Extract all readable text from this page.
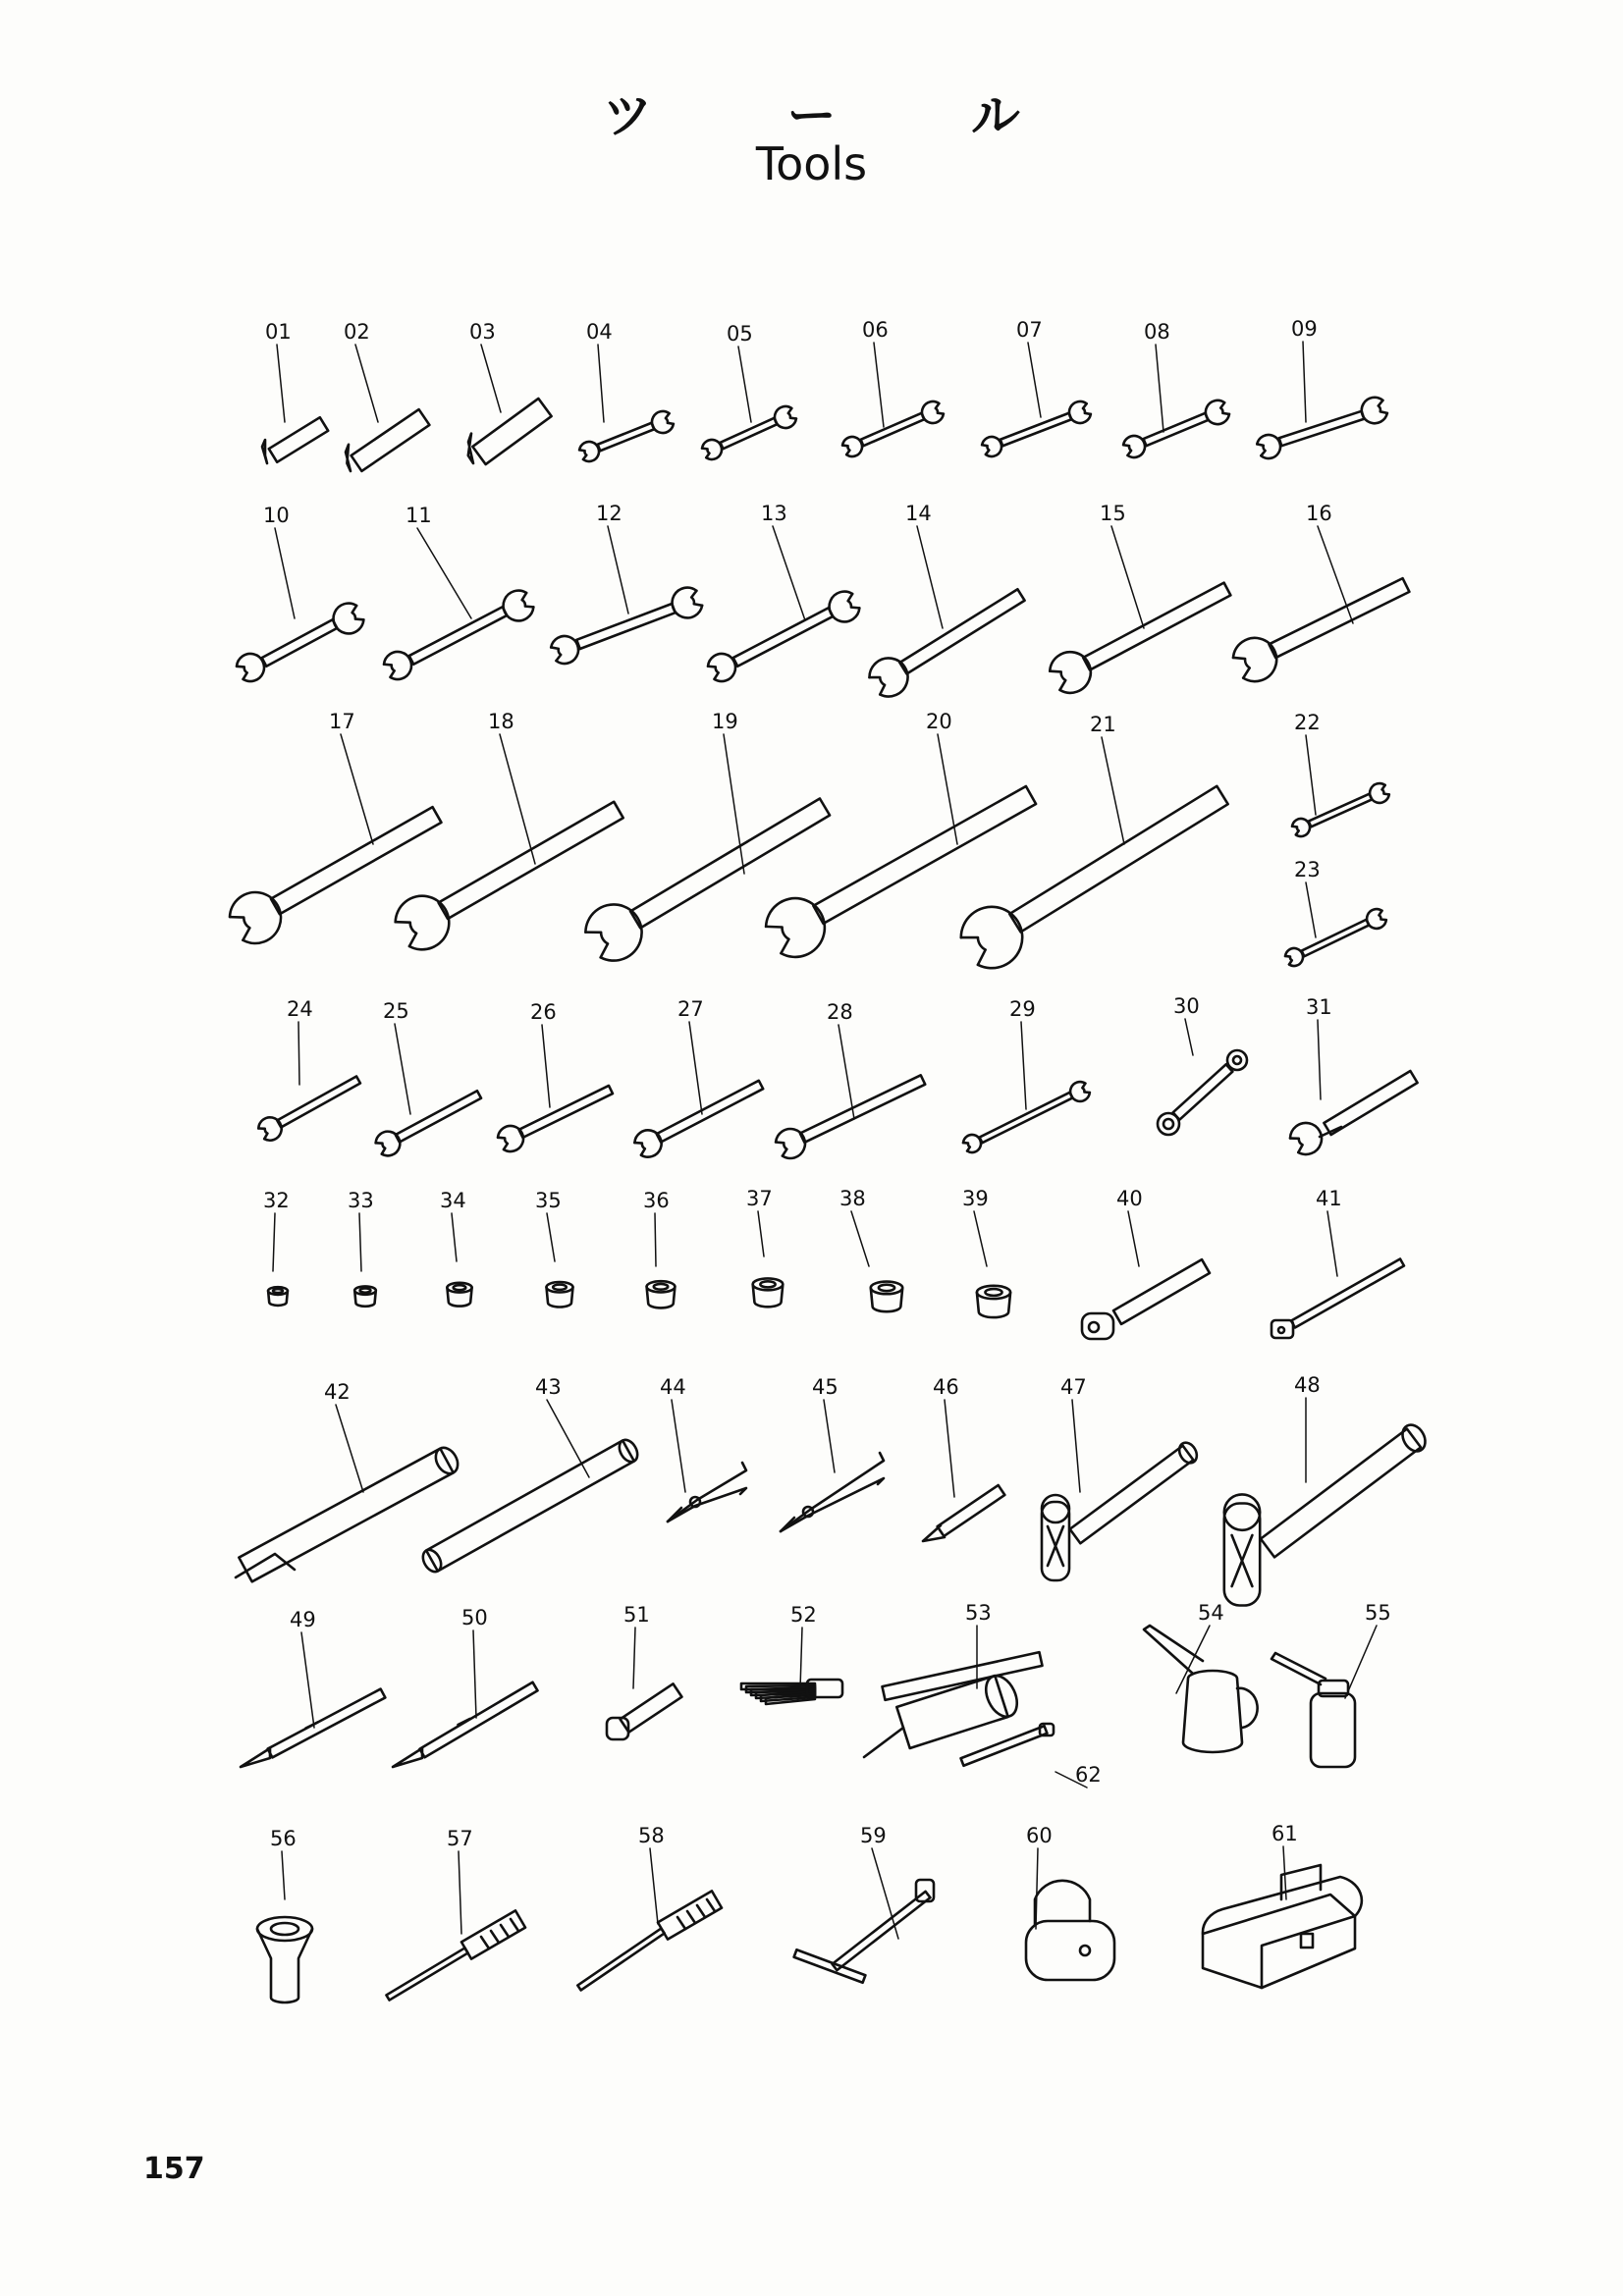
ツ ー ル
Tools
01	02	03	04	05	06	07	08	09
10	11	12	13	14	15	16
17	18	19	20	21	22
23
24	25	26	27	28	29	30	31
32	33	34	35	36	37	38	39	40	41
42	43	44	45	46	47	48
49	50	51	52	53	54	55
56	57	58	59	60	61
62
157
